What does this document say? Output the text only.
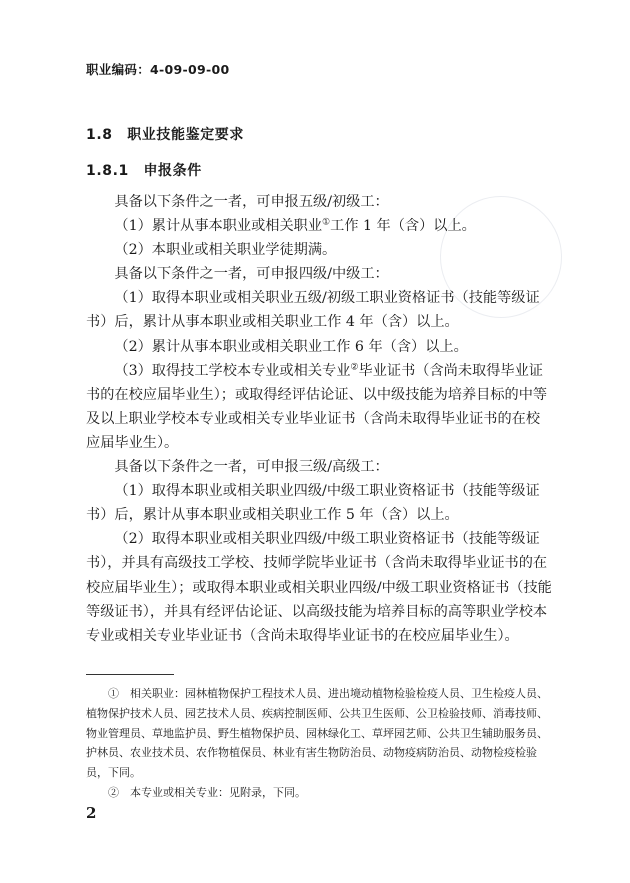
职业编码：4-09-09-00
1.8　职业技能鉴定要求
1.8.1　申报条件

具备以下条件之一者，可申报五级/初级工：

（1）累计从事本职业或相关职业①工作 1 年（含）以上。

（2）本职业或相关职业学徒期满。

具备以下条件之一者，可申报四级/中级工：

（1）取得本职业或相关职业五级/初级工职业资格证书（技能等级证书）后，累计从事本职业或相关职业工作 4 年（含）以上。

（2）累计从事本职业或相关职业工作 6 年（含）以上。

（3）取得技工学校本专业或相关专业②毕业证书（含尚未取得毕业证书的在校应届毕业生）；或取得经评估论证、以中级技能为培养目标的中等及以上职业学校本专业或相关专业毕业证书（含尚未取得毕业证书的在校应届毕业生）。

具备以下条件之一者，可申报三级/高级工：

（1）取得本职业或相关职业四级/中级工职业资格证书（技能等级证书）后，累计从事本职业或相关职业工作 5 年（含）以上。

（2）取得本职业或相关职业四级/中级工职业资格证书（技能等级证书），并具有高级技工学校、技师学院毕业证书（含尚未取得毕业证书的在校应届毕业生）；或取得本职业或相关职业四级/中级工职业资格证书（技能等级证书），并具有经评估论证、以高级技能为培养目标的高等职业学校本专业或相关专业毕业证书（含尚未取得毕业证书的在校应届毕业生）。

①　相关职业：园林植物保护工程技术人员、进出境动植物检验检疫人员、卫生检疫人员、植物保护技术人员、园艺技术人员、疾病控制医师、公共卫生医师、公卫检验技师、消毒技师、物业管理员、草地监护员、野生植物保护员、园林绿化工、草坪园艺师、公共卫生辅助服务员、护林员、农业技术员、农作物植保员、林业有害生物防治员、动物疫病防治员、动物检疫检验员，下同。

②　本专业或相关专业：见附录，下同。

2
